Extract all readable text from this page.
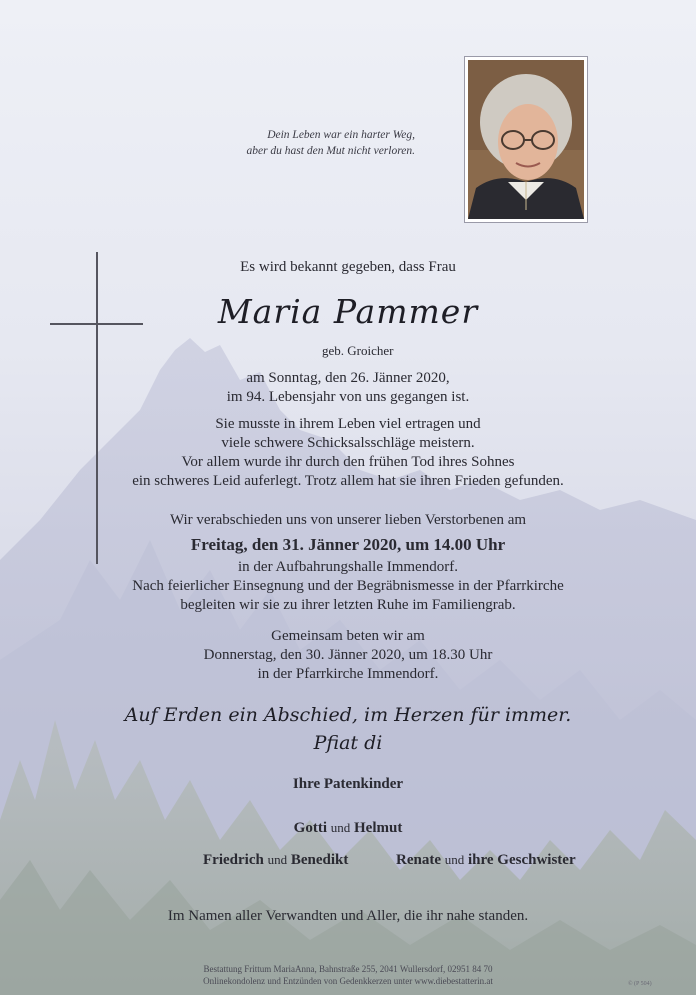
Dein Leben war ein harter Weg,
aber du hast den Mut nicht verloren.
Es wird bekannt gegeben, dass Frau
Maria Pammer
geb. Groicher
am Sonntag, den 26. Jänner 2020,
im 94. Lebensjahr von uns gegangen ist.
Sie musste in ihrem Leben viel ertragen und
viele schwere Schicksalsschläge meistern.
Vor allem wurde ihr durch den frühen Tod ihres Sohnes
ein schweres Leid auferlegt. Trotz allem hat sie ihren Frieden gefunden.
Wir verabschieden uns von unserer lieben Verstorbenen am
Freitag, den 31. Jänner 2020, um 14.00 Uhr
in der Aufbahrungshalle Immendorf.
Nach feierlicher Einsegnung und der Begräbnismesse in der Pfarrkirche
begleiten wir sie zu ihrer letzten Ruhe im Familiengrab.
Gemeinsam beten wir am
Donnerstag, den 30. Jänner 2020, um 18.30 Uhr
in der Pfarrkirche Immendorf.
Auf Erden ein Abschied, im Herzen für immer.
Pfiat di
Ihre Patenkinder
Gotti und Helmut
Friedrich und Benedikt	Renate und ihre Geschwister
Im Namen aller Verwandten und Aller, die ihr nahe standen.
Bestattung Frittum MariaAnna, Bahnstraße 255, 2041 Wullersdorf, 02951 84 70
Onlinekondolenz und Entzünden von Gedenkkerzen unter www.diebestatterin.at	© (P 504)
